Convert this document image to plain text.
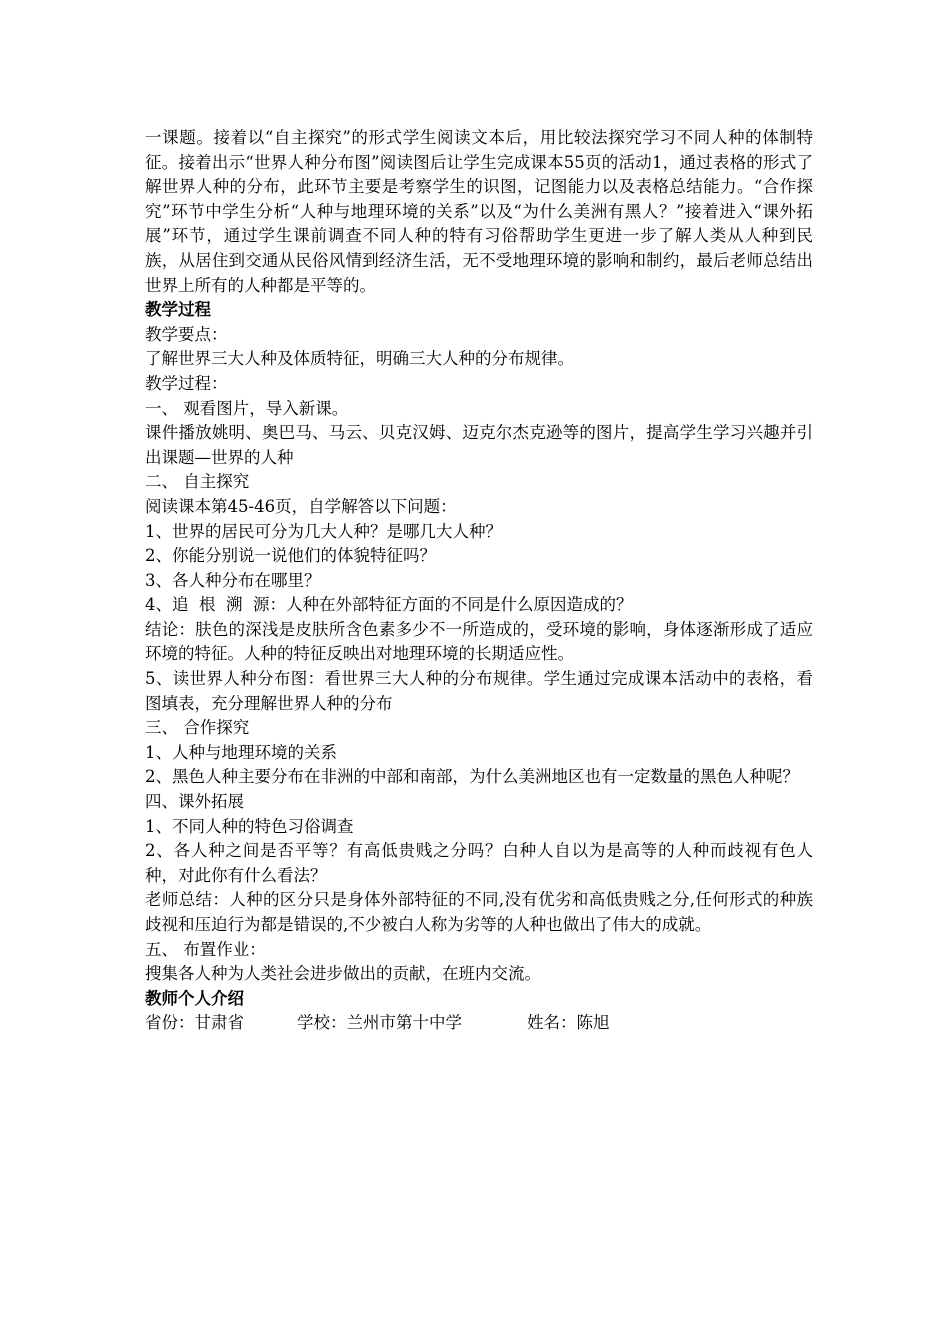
一课题。接着以“自主探究”的形式学生阅读文本后，用比较法探究学习不同人种的体制特征。接着出示“世界人种分布图”阅读图后让学生完成课本55页的活动1，通过表格的形式了解世界人种的分布，此环节主要是考察学生的识图，记图能力以及表格总结能力。“合作探究”环节中学生分析“人种与地理环境的关系”以及“为什么美洲有黑人？”接着进入“课外拓展”环节，通过学生课前调查不同人种的特有习俗帮助学生更进一步了解人类从人种到民族，从居住到交通从民俗风情到经济生活，无不受地理环境的影响和制约，最后老师总结出世界上所有的人种都是平等的。

教学过程

教学要点：

了解世界三大人种及体质特征，明确三大人种的分布规律。

教学过程：

一、 观看图片，导入新课。

课件播放姚明、奥巴马、马云、贝克汉姆、迈克尔杰克逊等的图片，提高学生学习兴趣并引出课题—世界的人种

二、 自主探究

阅读课本第45-46页，自学解答以下问题：

1、世界的居民可分为几大人种？是哪几大人种？

2、你能分别说一说他们的体貌特征吗？

3、各人种分布在哪里？

4、追  根  溯  源：人种在外部特征方面的不同是什么原因造成的？

结论：肤色的深浅是皮肤所含色素多少不一所造成的，受环境的影响，身体逐渐形成了适应环境的特征。人种的特征反映出对地理环境的长期适应性。

5、读世界人种分布图：看世界三大人种的分布规律。学生通过完成课本活动中的表格，看图填表，充分理解世界人种的分布

三、 合作探究

1、人种与地理环境的关系

2、黑色人种主要分布在非洲的中部和南部，为什么美洲地区也有一定数量的黑色人种呢？

四、课外拓展

1、不同人种的特色习俗调查

2、各人种之间是否平等？有高低贵贱之分吗？白种人自以为是高等的人种而歧视有色人种，对此你有什么看法？

老师总结：人种的区分只是身体外部特征的不同,没有优劣和高低贵贱之分,任何形式的种族歧视和压迫行为都是错误的,不少被白人称为劣等的人种也做出了伟大的成就。

五、 布置作业：

搜集各人种为人类社会进步做出的贡献，在班内交流。

教师个人介绍

省份：甘肃省	学校：兰州市第十中学	姓名：陈旭
